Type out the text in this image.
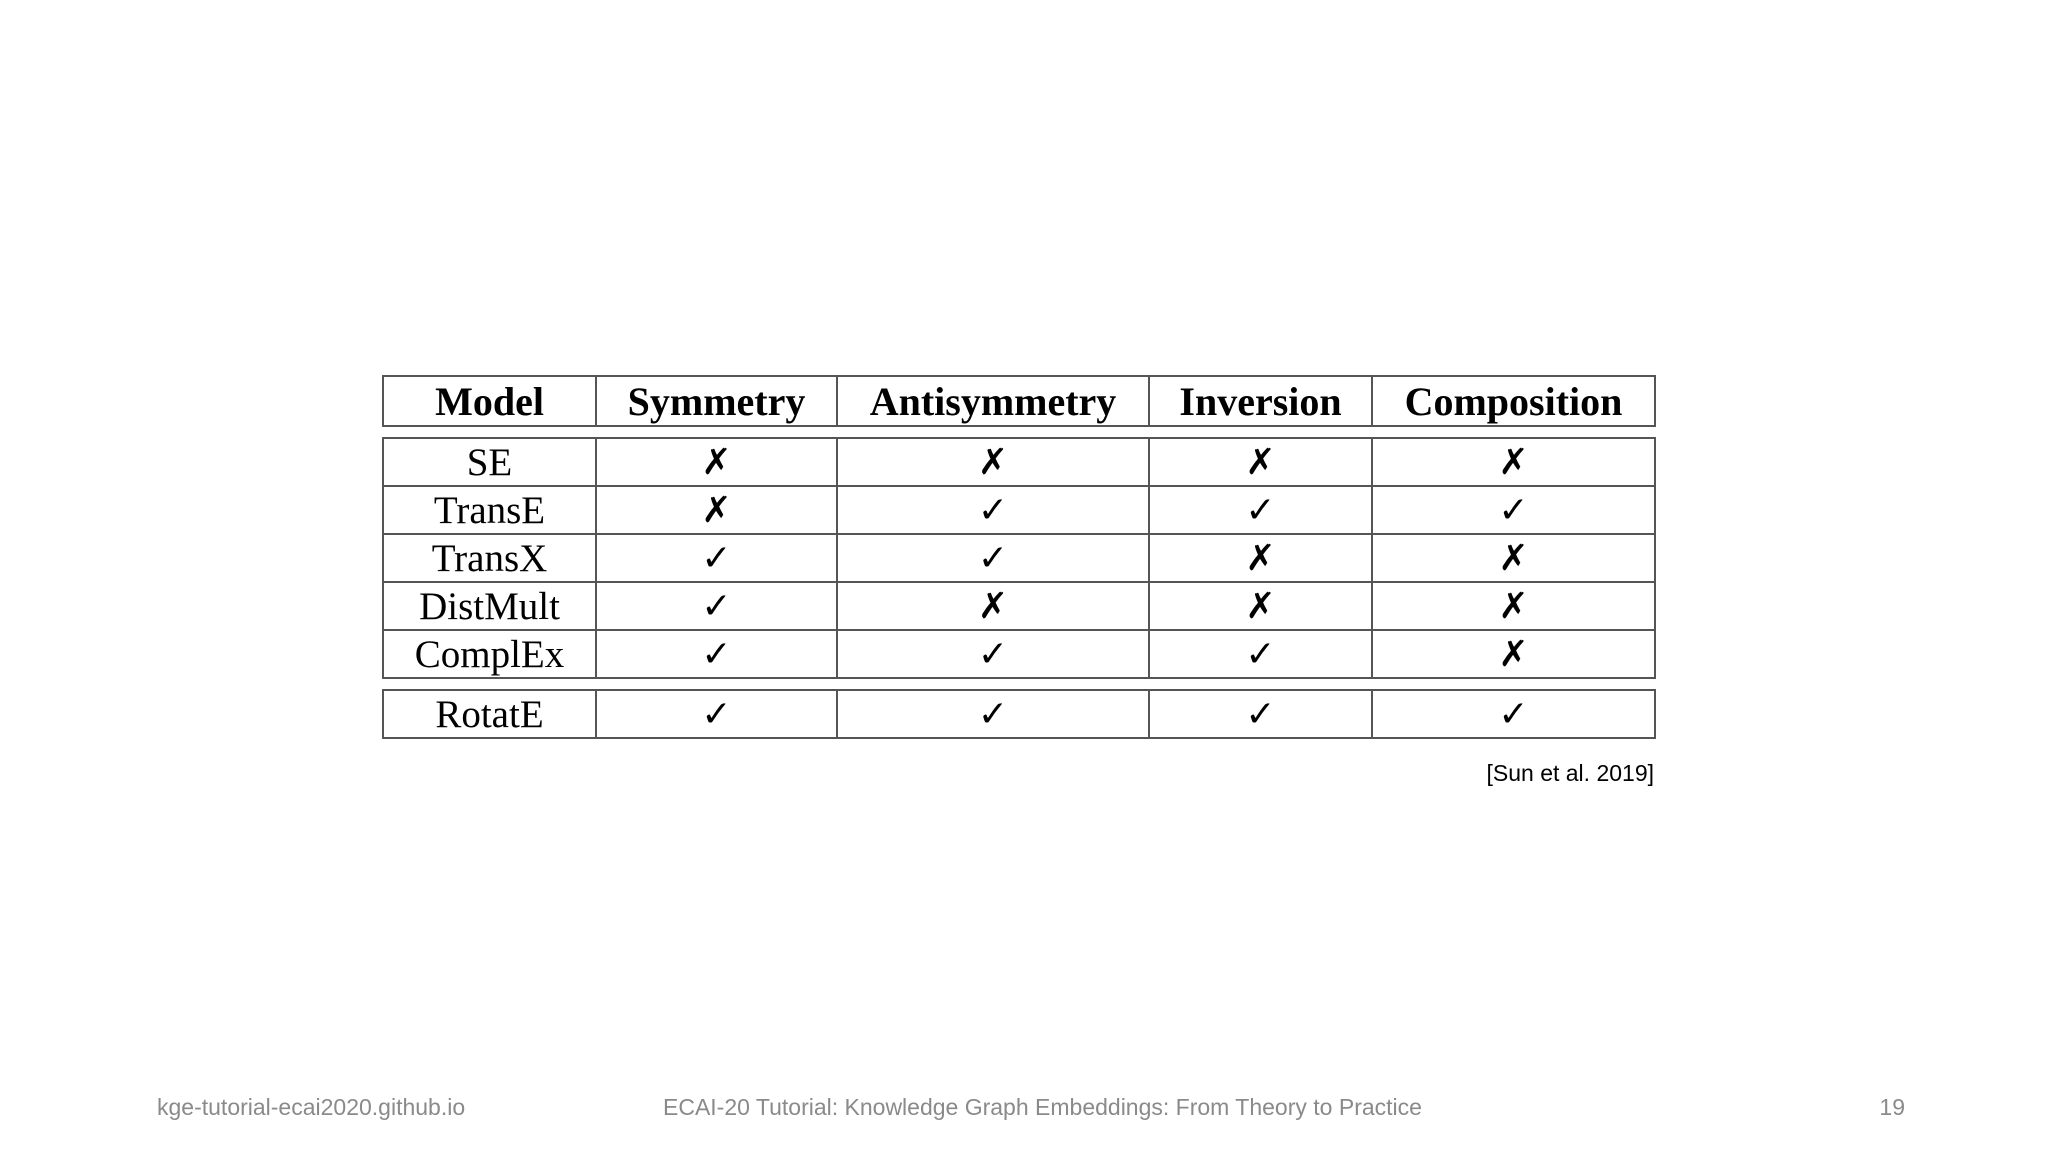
Model	Symmetry	Antisymmetry	Inversion	Composition

SE	✗	✗	✗	✗
TransE	✗	✓	✓	✓
TransX	✓	✓	✗	✗
DistMult	✓	✗	✗	✗
ComplEx	✓	✓	✓	✗

RotatE	✓	✓	✓	✓
[Sun et al. 2019]
kge-tutorial-ecai2020.github.io	ECAI-20 Tutorial: Knowledge Graph Embeddings: From Theory to Practice	19
